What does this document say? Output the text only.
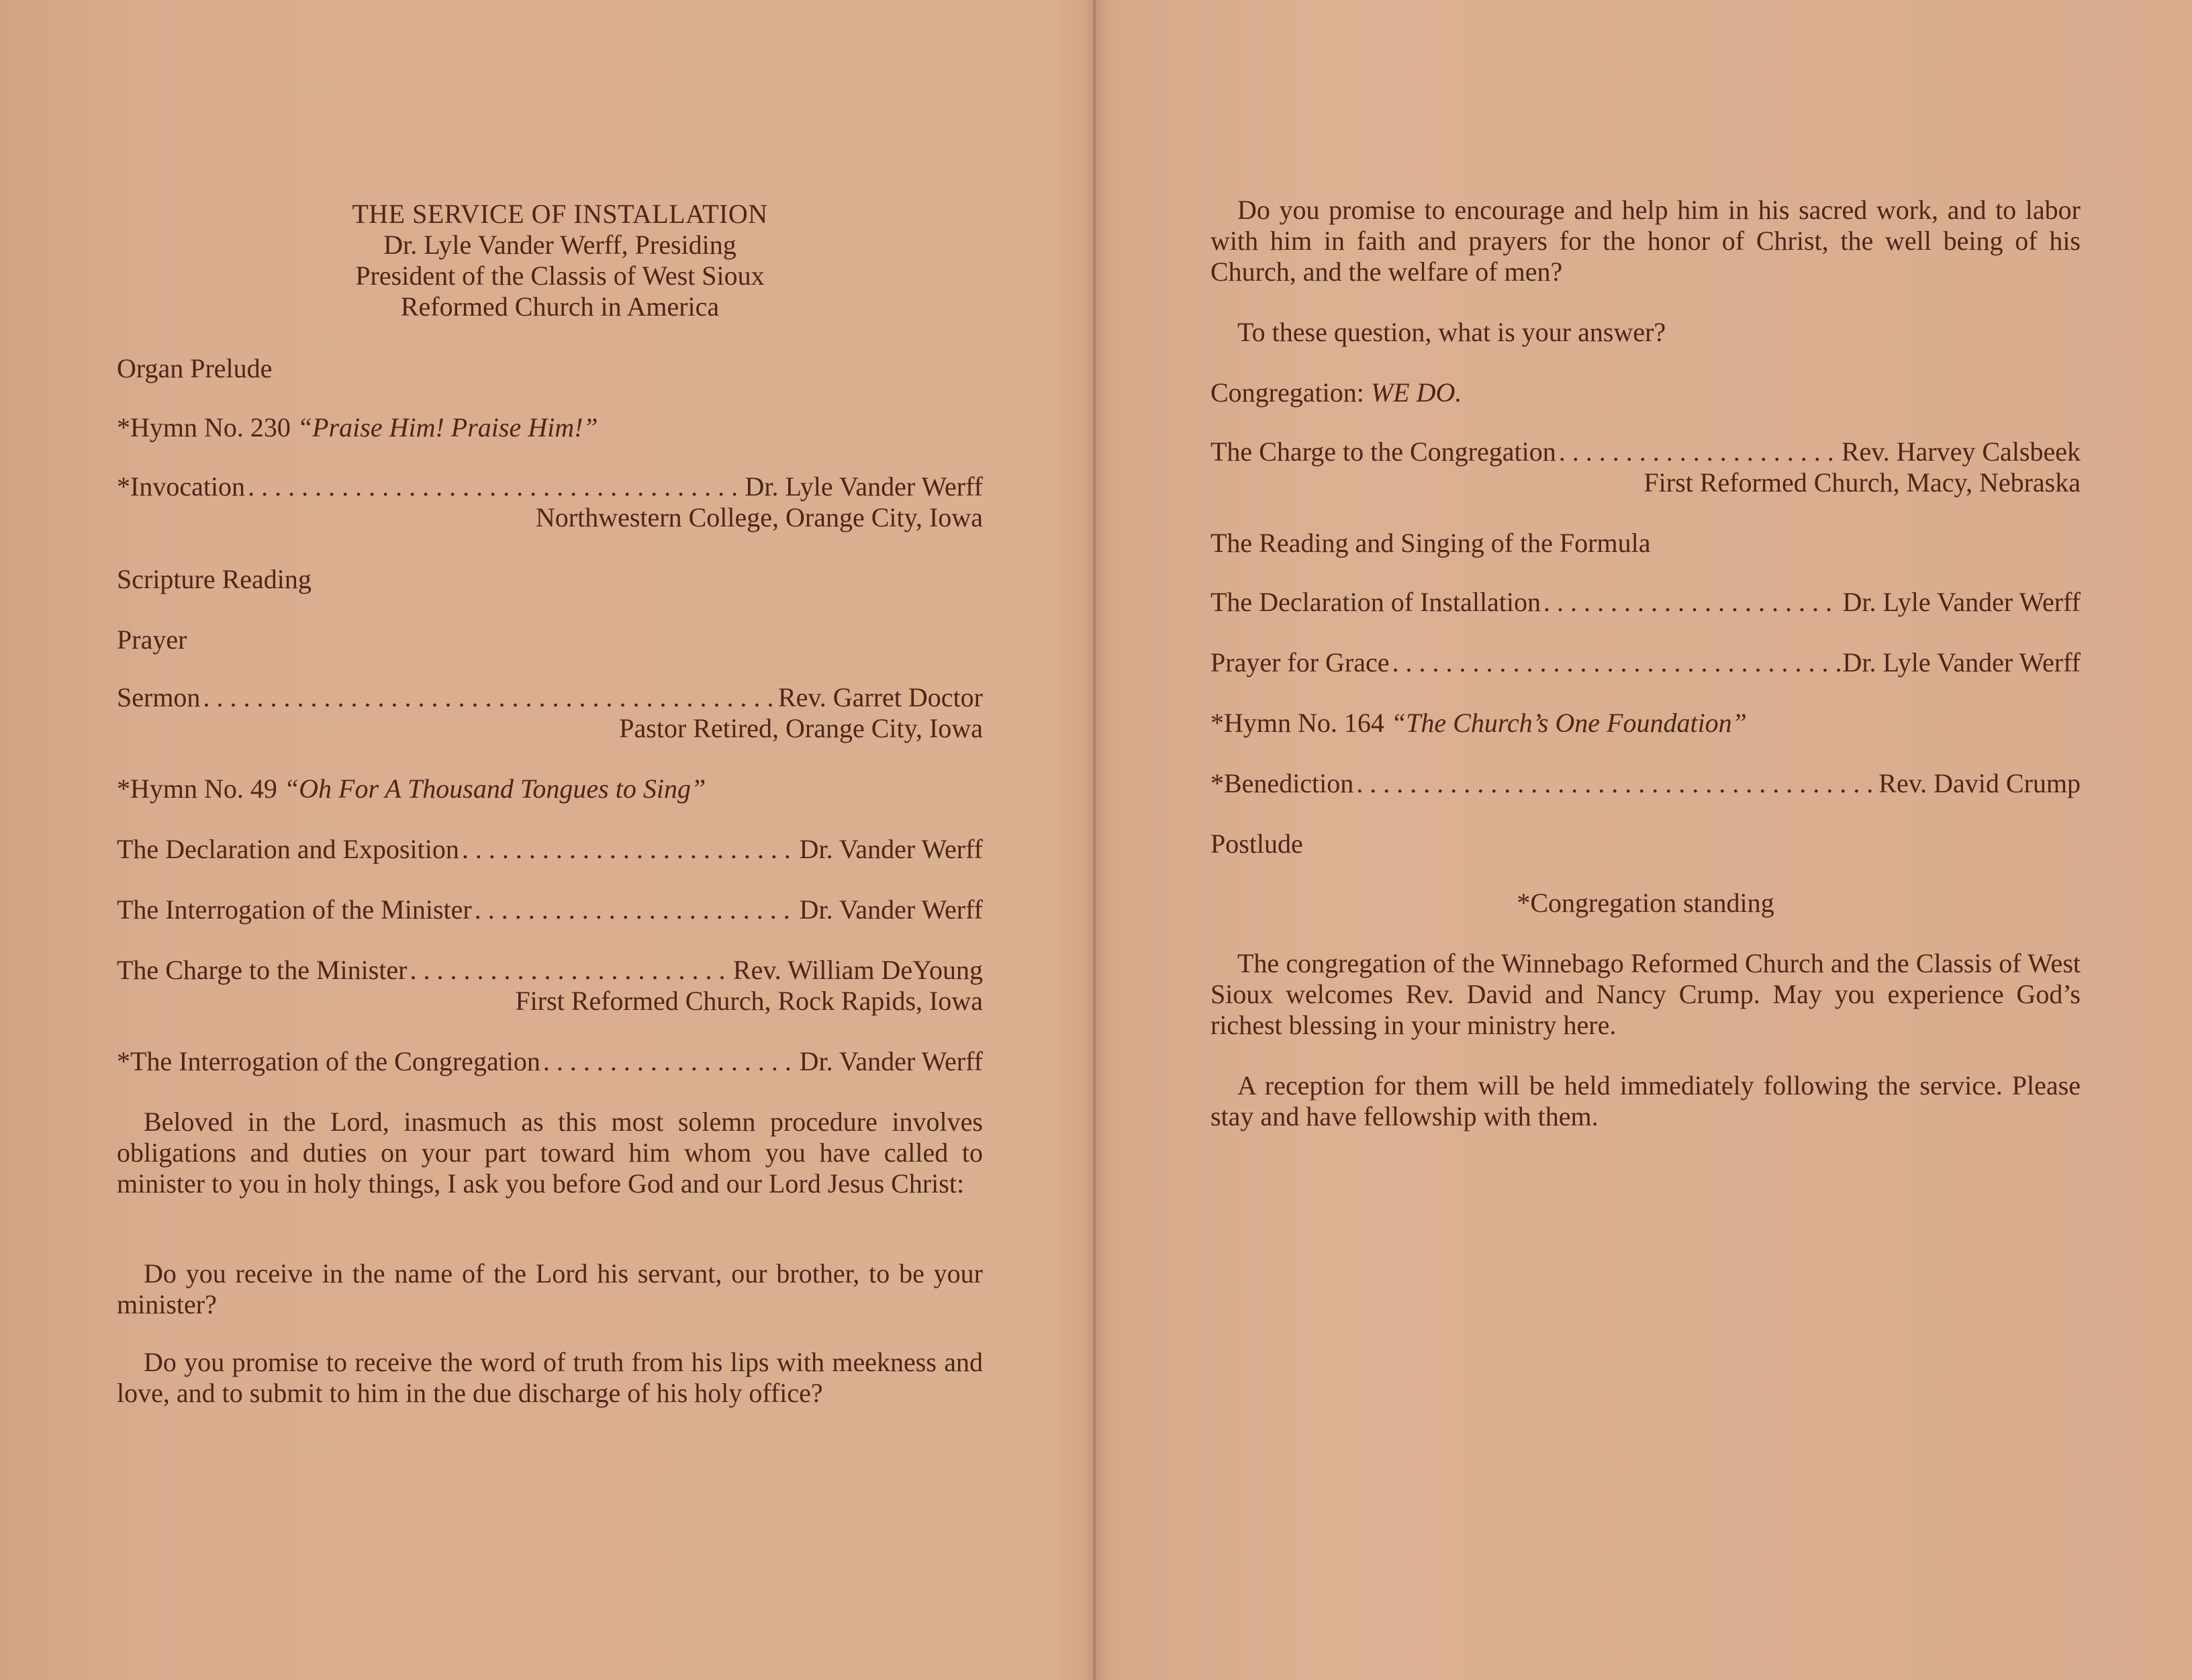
THE SERVICE OF INSTALLATION
Dr. Lyle Vander Werff, Presiding
President of the Classis of West Sioux
Reformed Church in America
Organ Prelude
*Hymn No. 230 “Praise Him! Praise Him!”
*Invocation . . .	Dr. Lyle Vander Werff
Northwestern College, Orange City, Iowa
Scripture Reading
Prayer
Sermon . . .	Rev. Garret Doctor
Pastor Retired, Orange City, Iowa
*Hymn No. 49 “Oh For A Thousand Tongues to Sing”
The Declaration and Exposition . . .	Dr. Vander Werff
The Interrogation of the Minister . . .	Dr. Vander Werff
The Charge to the Minister . . .	Rev. William DeYoung
First Reformed Church, Rock Rapids, Iowa
*The Interrogation of the Congregation . . .	Dr. Vander Werff
Beloved in the Lord, inasmuch as this most solemn procedure involves obligations and duties on your part toward him whom you have called to minister to you in holy things, I ask you before God and our Lord Jesus Christ:
Do you receive in the name of the Lord his servant, our brother, to be your minister?
Do you promise to receive the word of truth from his lips with meekness and love, and to submit to him in the due discharge of his holy office?
Do you promise to encourage and help him in his sacred work, and to labor with him in faith and prayers for the honor of Christ, the well being of his Church, and the welfare of men?
To these question, what is your answer?
Congregation: WE DO.
The Charge to the Congregation . . .	Rev. Harvey Calsbeek
First Reformed Church, Macy, Nebraska
The Reading and Singing of the Formula
The Declaration of Installation . . .	Dr. Lyle Vander Werff
Prayer for Grace . . .	Dr. Lyle Vander Werff
*Hymn No. 164 “The Church’s One Foundation”
*Benediction . . .	Rev. David Crump
Postlude
*Congregation standing
The congregation of the Winnebago Reformed Church and the Classis of West Sioux welcomes Rev. David and Nancy Crump. May you experience God’s richest blessing in your ministry here.
A reception for them will be held immediately following the service. Please stay and have fellowship with them.
